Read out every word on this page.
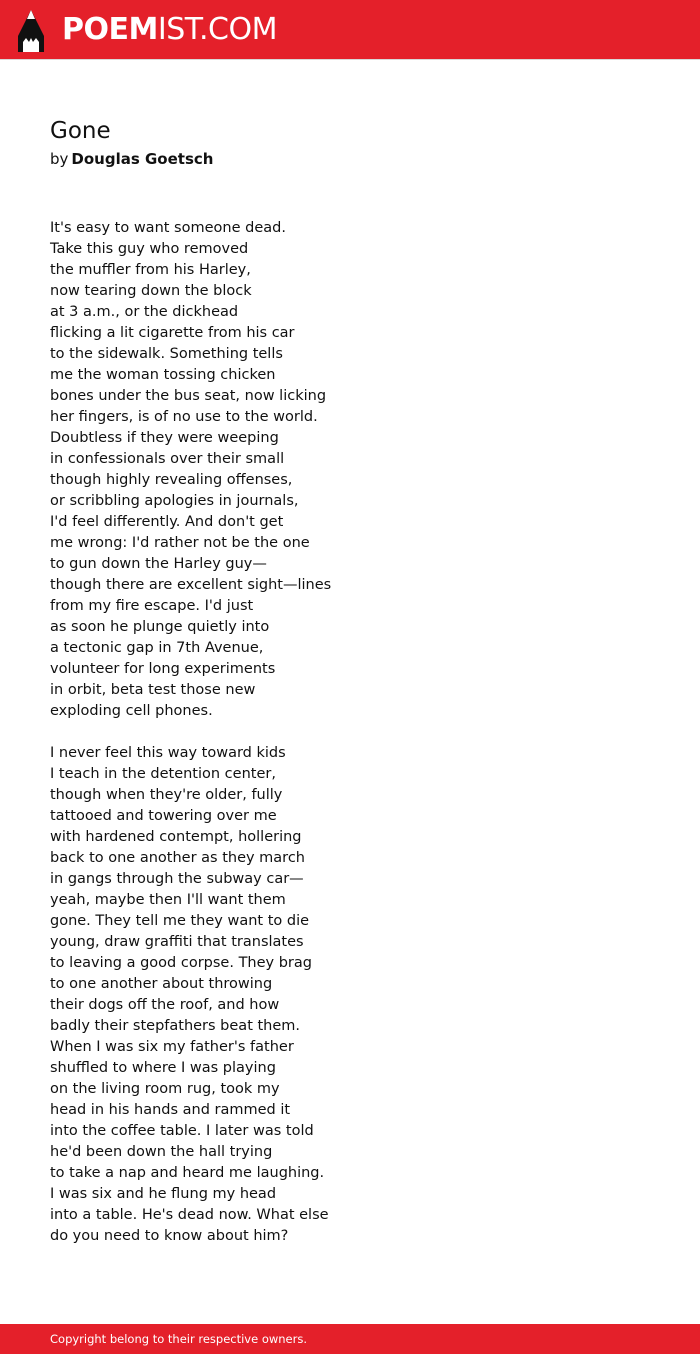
POEMIST.COM
Gone
by Douglas Goetsch
It's easy to want someone dead.
Take this guy who removed
the muffler from his Harley,
now tearing down the block
at 3 a.m., or the dickhead
flicking a lit cigarette from his car
to the sidewalk. Something tells
me the woman tossing chicken
bones under the bus seat, now licking
her fingers, is of no use to the world.
Doubtless if they were weeping
in confessionals over their small
though highly revealing offenses,
or scribbling apologies in journals,
I'd feel differently. And don't get
me wrong: I'd rather not be the one
to gun down the Harley guy—
though there are excellent sight—lines
from my fire escape. I'd just
as soon he plunge quietly into
a tectonic gap in 7th Avenue,
volunteer for long experiments
in orbit, beta test those new
exploding cell phones.
I never feel this way toward kids
I teach in the detention center,
though when they're older, fully
tattooed and towering over me
with hardened contempt, hollering
back to one another as they march
in gangs through the subway car—
yeah, maybe then I'll want them
gone. They tell me they want to die
young, draw graffiti that translates
to leaving a good corpse. They brag
to one another about throwing
their dogs off the roof, and how
badly their stepfathers beat them.
When I was six my father's father
shuffled to where I was playing
on the living room rug, took my
head in his hands and rammed it
into the coffee table. I later was told
he'd been down the hall trying
to take a nap and heard me laughing.
I was six and he flung my head
into a table. He's dead now. What else
do you need to know about him?
Copyright belong to their respective owners.
